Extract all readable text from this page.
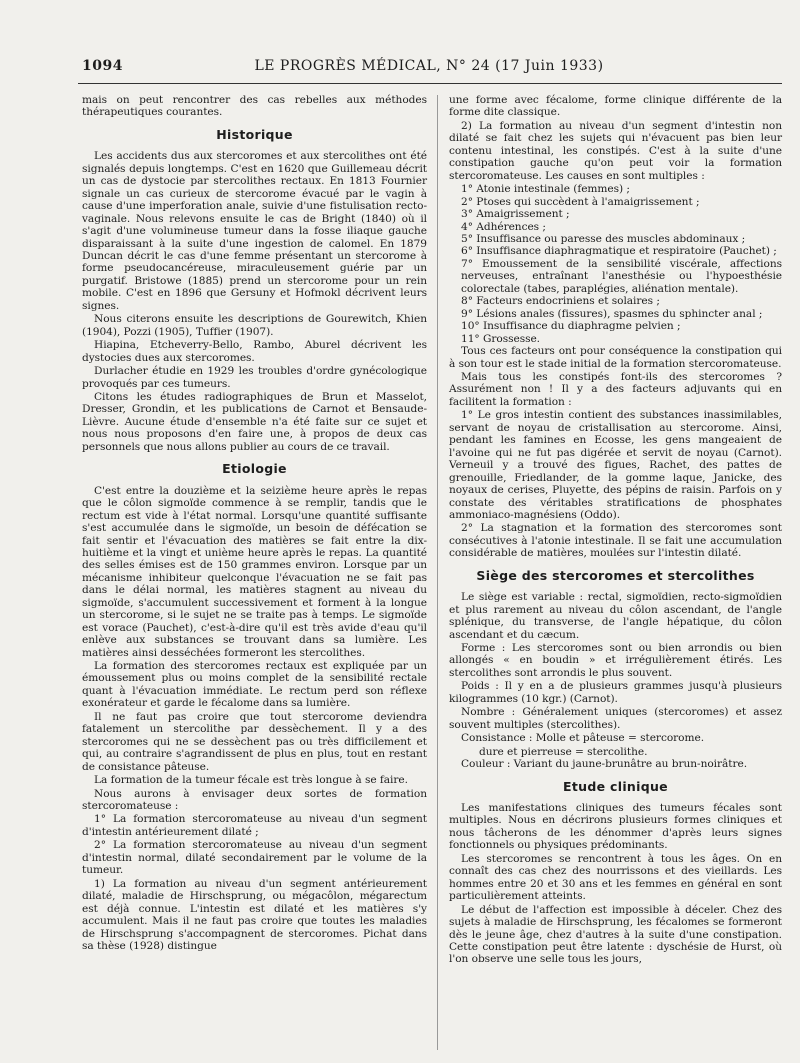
1094	LE PROGRÈS MÉDICAL, N° 24 (17 Juin 1933)

mais on peut rencontrer des cas rebelles aux méthodes thérapeutiques courantes.

Historique

Les accidents dus aux stercoromes et aux stercolithes ont été signalés depuis longtemps. C'est en 1620 que Guillemeau décrit un cas de dystocie par stercolithes rectaux. En 1813 Fournier signale un cas curieux de stercorome évacué par le vagin à cause d'une imperforation anale, suivie d'une fistulisation recto-vaginale. Nous relevons ensuite le cas de Bright (1840) où il s'agit d'une volumineuse tumeur dans la fosse iliaque gauche disparaissant à la suite d'une ingestion de calomel. En 1879 Duncan décrit le cas d'une femme présentant un stercorome à forme pseudocancéreuse, miraculeusement guérie par un purgatif. Bristowe (1885) prend un stercorome pour un rein mobile. C'est en 1896 que Gersuny et Hofmokl décrivent leurs signes.

Nous citerons ensuite les descriptions de Gourewitch, Khien (1904), Pozzi (1905), Tuffier (1907).

Hiapina, Etcheverry-Bello, Rambo, Aburel décrivent les dystocies dues aux stercoromes.

Durlacher étudie en 1929 les troubles d'ordre gynécologique provoqués par ces tumeurs.

Citons les études radiographiques de Brun et Masselot, Dresser, Grondin, et les publications de Carnot et Bensaude-Lièvre. Aucune étude d'ensemble n'a été faite sur ce sujet et nous nous proposons d'en faire une, à propos de deux cas personnels que nous allons publier au cours de ce travail.

Etiologie

C'est entre la douzième et la seizième heure après le repas que le côlon sigmoïde commence à se remplir, tandis que le rectum est vide à l'état normal. Lorsqu'une quantité suffisante s'est accumulée dans le sigmoïde, un besoin de défécation se fait sentir et l'évacuation des matières se fait entre la dix-huitième et la vingt et unième heure après le repas. La quantité des selles émises est de 150 grammes environ. Lorsque par un mécanisme inhibiteur quelconque l'évacuation ne se fait pas dans le délai normal, les matières stagnent au niveau du sigmoïde, s'accumulent successivement et forment à la longue un stercorome, si le sujet ne se traite pas à temps. Le sigmoïde est vorace (Pauchet), c'est-à-dire qu'il est très avide d'eau qu'il enlève aux substances se trouvant dans sa lumière. Les matières ainsi desséchées formeront les stercolithes.

La formation des stercoromes rectaux est expliquée par un émoussement plus ou moins complet de la sensibilité rectale quant à l'évacuation immédiate. Le rectum perd son réflexe exonérateur et garde le fécalome dans sa lumière.

Il ne faut pas croire que tout stercorome deviendra fatalement un stercolithe par dessèchement. Il y a des stercoromes qui ne se dessèchent pas ou très difficilement et qui, au contraire s'agrandissent de plus en plus, tout en restant de consistance pâteuse.

La formation de la tumeur fécale est très longue à se faire.

Nous aurons à envisager deux sortes de formation stercoromateuse :

1° La formation stercoromateuse au niveau d'un segment d'intestin antérieurement dilaté ;

2° La formation stercoromateuse au niveau d'un segment d'intestin normal, dilaté secondairement par le volume de la tumeur.

1) La formation au niveau d'un segment antérieurement dilaté, maladie de Hirschsprung, ou mégacôlon, mégarectum est déjà connue. L'intestin est dilaté et les matières s'y accumulent. Mais il ne faut pas croire que toutes les maladies de Hirschsprung s'accompagnent de stercoromes. Pichat dans sa thèse (1928) distingue

une forme avec fécalome, forme clinique différente de la forme dite classique.

2) La formation au niveau d'un segment d'intestin non dilaté se fait chez les sujets qui n'évacuent pas bien leur contenu intestinal, les constipés. C'est à la suite d'une constipation gauche qu'on peut voir la formation stercoromateuse. Les causes en sont multiples :

1° Atonie intestinale (femmes) ;

2° Ptoses qui succèdent à l'amaigrissement ;

3° Amaigrissement ;

4° Adhérences ;

5° Insuffisance ou paresse des muscles abdominaux ;

6° Insuffisance diaphragmatique et respiratoire (Pauchet) ;

7° Emoussement de la sensibilité viscérale, affections nerveuses, entraînant l'anesthésie ou l'hypoesthésie colorectale (tabes, paraplégies, aliénation mentale).

8° Facteurs endocriniens et solaires ;

9° Lésions anales (fissures), spasmes du sphincter anal ;

10° Insuffisance du diaphragme pelvien ;

11° Grossesse.

Tous ces facteurs ont pour conséquence la constipation qui à son tour est le stade initial de la formation stercoromateuse.

Mais tous les constipés font-ils des stercoromes ? Assurément non ! Il y a des facteurs adjuvants qui en facilitent la formation :

1° Le gros intestin contient des substances inassimilables, servant de noyau de cristallisation au stercorome. Ainsi, pendant les famines en Ecosse, les gens mangeaient de l'avoine qui ne fut pas digérée et servit de noyau (Carnot). Verneuil y a trouvé des figues, Rachet, des pattes de grenouille, Friedlander, de la gomme laque, Janicke, des noyaux de cerises, Pluyette, des pépins de raisin. Parfois on y constate des véritables stratifications de phosphates ammoniaco-magnésiens (Oddo).

2° La stagnation et la formation des stercoromes sont consécutives à l'atonie intestinale. Il se fait une accumulation considérable de matières, moulées sur l'intestin dilaté.

Siège des stercoromes et stercolithes

Le siège est variable : rectal, sigmoïdien, recto-sigmoïdien et plus rarement au niveau du côlon ascendant, de l'angle splénique, du transverse, de l'angle hépatique, du côlon ascendant et du cæcum.

Forme : Les stercoromes sont ou bien arrondis ou bien allongés « en boudin » et irrégulièrement étirés. Les stercolithes sont arrondis le plus souvent.

Poids : Il y en a de plusieurs grammes jusqu'à plusieurs kilogrammes (10 kgr.) (Carnot).

Nombre : Généralement uniques (stercoromes) et assez souvent multiples (stercolithes).

Consistance : Molle et pâteuse = stercorome.

dure et pierreuse = stercolithe.

Couleur : Variant du jaune-brunâtre au brun-noirâtre.

Etude clinique

Les manifestations cliniques des tumeurs fécales sont multiples. Nous en décrirons plusieurs formes cliniques et nous tâcherons de les dénommer d'après leurs signes fonctionnels ou physiques prédominants.

Les stercoromes se rencontrent à tous les âges. On en connaît des cas chez des nourrissons et des vieillards. Les hommes entre 20 et 30 ans et les femmes en général en sont particulièrement atteints.

Le début de l'affection est impossible à déceler. Chez des sujets à maladie de Hirschsprung, les fécalomes se formeront dès le jeune âge, chez d'autres à la suite d'une constipation. Cette constipation peut être latente : dyschésie de Hurst, où l'on observe une selle tous les jours,
